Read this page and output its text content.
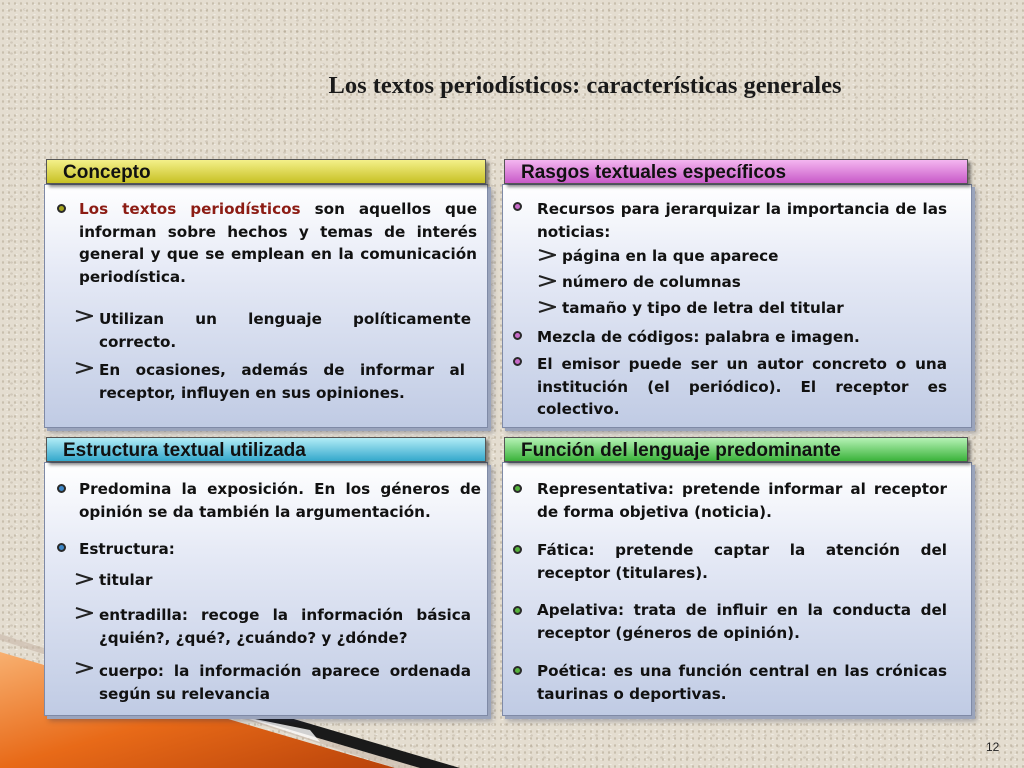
Los textos periodísticos: características generales
Concepto
Los textos periodísticos son aquellos que informan sobre hechos y temas de interés general y que se emplean en la comunicación periodística.
Utilizan un lenguaje políticamente correcto.
En ocasiones, además de informar al receptor, influyen en sus opiniones.
Rasgos textuales específicos
Recursos para jerarquizar la importancia de las noticias:
página en la que aparece
número de columnas
tamaño y tipo de letra del titular
Mezcla de códigos: palabra e imagen.
El emisor puede ser un autor concreto o una institución (el periódico). El receptor es colectivo.
Estructura textual utilizada
Predomina la exposición. En los géneros de opinión se da también la argumentación.
Estructura:
titular
entradilla: recoge la información básica ¿quién?, ¿qué?, ¿cuándo? y ¿dónde?
cuerpo: la información aparece ordenada según su relevancia
Función del lenguaje predominante
Representativa: pretende informar al receptor de forma objetiva (noticia).
Fática: pretende captar la atención del receptor (titulares).
Apelativa: trata de influir en la conducta del receptor (géneros de opinión).
Poética: es una función central en las crónicas taurinas o deportivas.
12
